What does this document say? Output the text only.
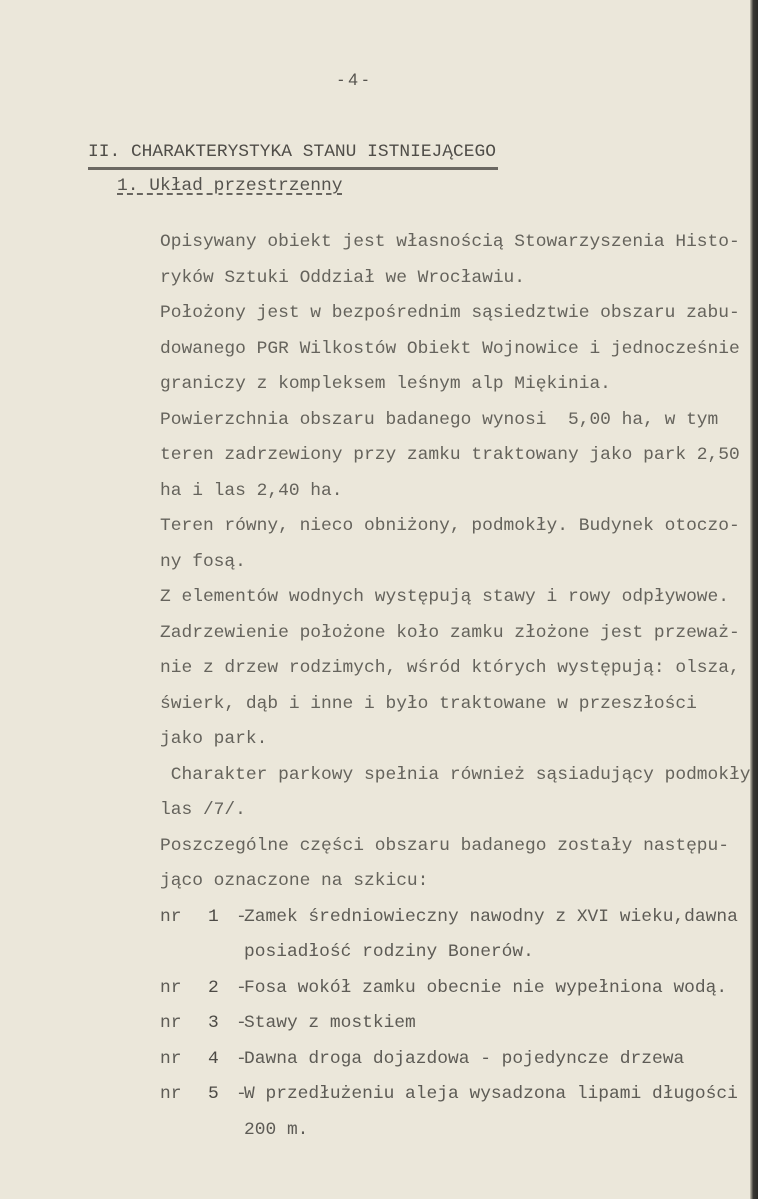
- 4 -
II. CHARAKTERYSTYKA STANU ISTNIEJĄCEGO
1. Układ przestrzenny
Opisywany obiekt jest własnością Stowarzyszenia Histo-
ryków Sztuki Oddział we Wrocławiu.
Położony jest w bezpośrednim sąsiedztwie obszaru zabu-
dowanego PGR Wilkostów Obiekt Wojnowice i jednocześnie
graniczy z kompleksem leśnym alp Miękinia.
Powierzchnia obszaru badanego wynosi  5,00 ha, w tym
teren zadrzewiony przy zamku traktowany jako park 2,50
ha i las 2,40 ha.
Teren równy, nieco obniżony, podmokły. Budynek otoczo-
ny fosą.
Z elementów wodnych występują stawy i rowy odpływowe.
Zadrzewienie położone koło zamku złożone jest przeważ-
nie z drzew rodzimych, wśród których występują: olsza,
świerk, dąb i inne i było traktowane w przeszłości
jako park.
Charakter parkowy spełnia również sąsiadujący podmokły
las /7/.
Poszczególne części obszaru badanego zostały następu-
jąco oznaczone na szkicu:
nr 1 -
Zamek średniowieczny nawodny z XVI wieku,dawna
posiadłość rodziny Bonerów.
nr 2 -
Fosa wokół zamku obecnie nie wypełniona wodą.
nr 3 -
Stawy z mostkiem
nr 4 -
Dawna droga dojazdowa - pojedyncze drzewa
nr 5 -
W przedłużeniu aleja wysadzona lipami długości
200 m.
